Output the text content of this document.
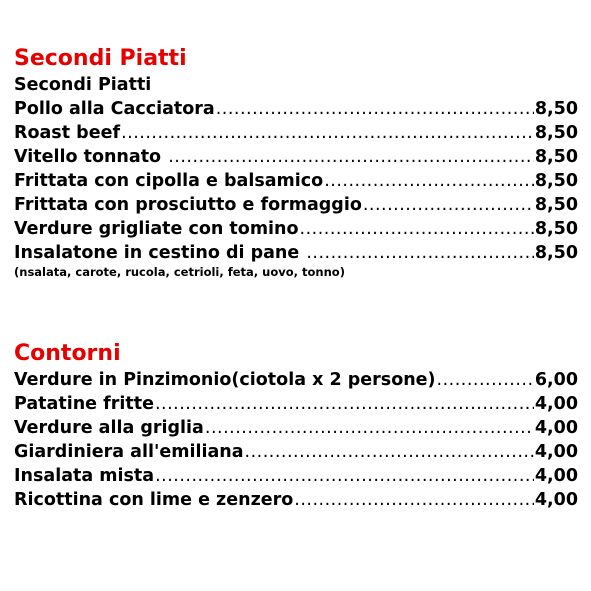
Secondi Piatti
Secondi Piatti
Pollo alla Cacciatora .....	8,50
Roast beef .....	8,50
Vitello tonnato .....	8,50
Frittata con cipolla e balsamico .....	8,50
Frittata con prosciutto e formaggio .....	8,50
Verdure grigliate con tomino .....	8,50
Insalatone in cestino di pane .....	8,50
(nsalata, carote, rucola, cetrioli, feta, uovo, tonno)
Contorni
Verdure in Pinzimonio(ciotola x 2 persone) .....	6,00
Patatine fritte .....	4,00
Verdure alla griglia .....	4,00
Giardiniera all'emiliana .....	4,00
Insalata mista .....	4,00
Ricottina con lime e zenzero .....	4,00
